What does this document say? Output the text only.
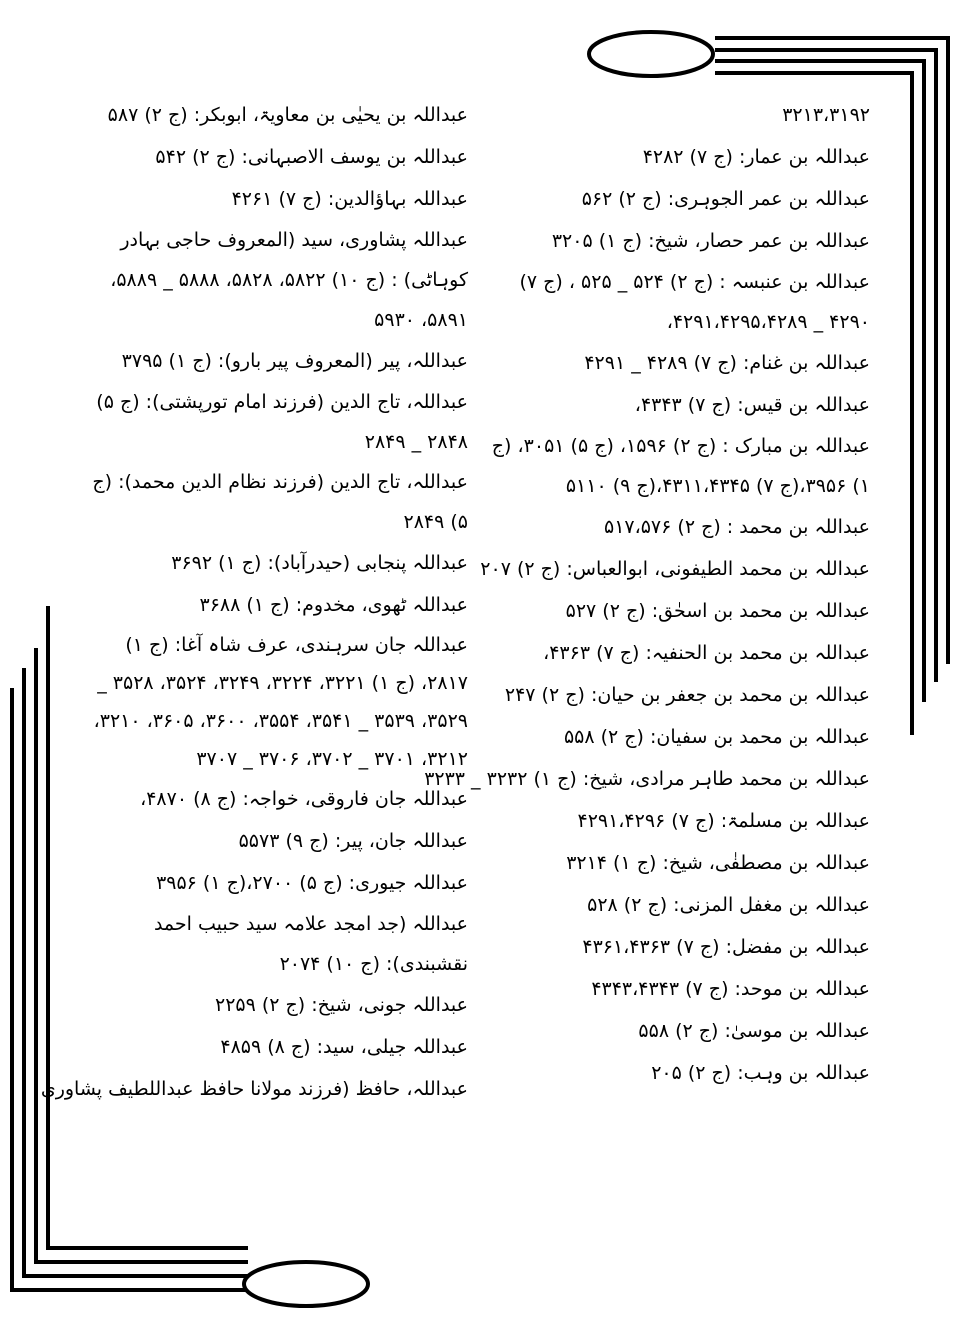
۳۲۱۳،۳۱۹۲
عبداللہ بن عمار: (ج ۷) ۴۲۸۲
عبداللہ بن عمر الجوہری: (ج ۲) ۵۶۲
عبداللہ بن عمر حصار، شیخ: (ج ۱) ۳۲۰۵
عبداللہ بن عنبسہ : (ج ۲) ۵۲۴ _ ۵۲۵ ، (ج ۷) ۴۲۹۰ _ ۴۲۹۱،۴۲۹۵،۴۲۸۹،
عبداللہ بن غنام: (ج ۷) ۴۲۸۹ _ ۴۲۹۱
عبداللہ بن قیس: (ج ۷) ۴۳۴۳،
عبداللہ بن مبارک : (ج ۲) ۱۵۹۶، (ج ۵) ۳۰۵۱، (ج ۱) ۳۹۵۶،(ج ۷) ۴۳۱۱،۴۳۴۵،(ج ۹) ۵۱۱۰
عبداللہ بن محمد : (ج ۲) ۵۱۷،۵۷۶
عبداللہ بن محمد الطیفونی، ابوالعباس: (ج ۲) ۲۰۷
عبداللہ بن محمد بن اسحٰق: (ج ۲) ۵۲۷
عبداللہ بن محمد بن الحنفیہ: (ج ۷) ۴۳۶۳،
عبداللہ بن محمد بن جعفر بن حیان: (ج ۲) ۲۴۷
عبداللہ بن محمد بن سفیان: (ج ۲) ۵۵۸
عبداللہ بن محمد طاہر مرادی، شیخ: (ج ۱) ۳۲۳۲ _ ۳۲۳۳
عبداللہ بن مسلمۃ: (ج ۷) ۴۲۹۱،۴۲۹۶
عبداللہ بن مصطفٰی، شیخ: (ج ۱) ۳۲۱۴
عبداللہ بن مغفل المزنی: (ج ۲) ۵۲۸
عبداللہ بن مفضل: (ج ۷) ۴۳۶۱،۴۳۶۳
عبداللہ بن موحد: (ج ۷) ۴۳۴۳،۴۳۴۳
عبداللہ بن موسیٰ: (ج ۲) ۵۵۸
عبداللہ بن وہب: (ج ۲) ۲۰۵
عبداللہ بن یحیٰی بن معاویۃ، ابوبکر: (ج ۲) ۵۸۷
عبداللہ بن یوسف الاصبہانی: (ج ۲) ۵۴۲
عبداللہ بہاؤالدین: (ج ۷) ۴۲۶۱
عبداللہ پشاوری، سید (المعروف حاجی بہادر کوہاٹی) : (ج ۱۰) ۵۸۲۲، ۵۸۲۸، ۵۸۸۸ _ ۵۸۸۹، ۵۸۹۱، ۵۹۳۰
عبداللہ، پیر (المعروف پیر بارو): (ج ۱) ۳۷۹۵
عبداللہ، تاج الدین (فرزند امام تورپشتی): (ج ۵) ۲۸۴۸ _ ۲۸۴۹
عبداللہ، تاج الدین (فرزند نظام الدین محمد): (ج ۵) ۲۸۴۹
عبداللہ پنجابی (حیدرآباد): (ج ۱) ۳۶۹۲
عبداللہ ٹھوی، مخدوم: (ج ۱) ۳۶۸۸
عبداللہ جان سرہندی، عرف شاہ آغا: (ج ۱) ۲۸۱۷، (ج ۱) ۳۲۲۱، ۳۲۲۴، ۳۲۴۹، ۳۵۲۴، ۳۵۲۸ _ ۳۵۲۹، ۳۵۳۹ _ ۳۵۴۱، ۳۵۵۴، ۳۶۰۰، ۳۶۰۵، ۳۲۱۰، ۳۲۱۲، ۳۷۰۱ _ ۳۷۰۲، ۳۷۰۶ _ ۳۷۰۷
عبداللہ جان فاروقی، خواجہ: (ج ۸) ۴۸۷۰،
عبداللہ جان، پیر: (ج ۹) ۵۵۷۳
عبداللہ جیوری: (ج ۵) ۲۷۰۰،(ج ۱) ۳۹۵۶
عبداللہ (جد امجد علامہ سید حبیب احمد نقشبندی): (ج ۱۰) ۲۰۷۴
عبداللہ جونی، شیخ: (ج ۲) ۲۲۵۹
عبداللہ جیلی، سید: (ج ۸) ۴۸۵۹
عبداللہ، حافظ (فرزند مولانا حافظ عبداللطیف پشاوری
